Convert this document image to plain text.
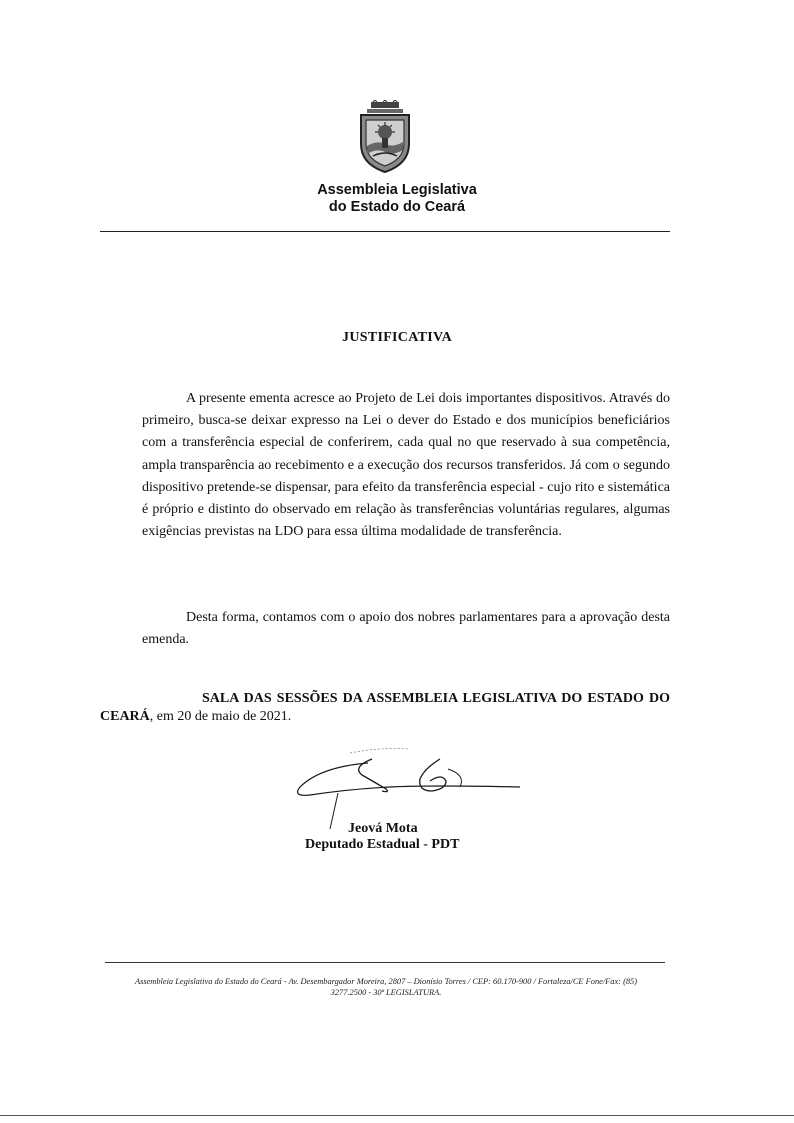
Assembleia Legislativa
do Estado do Ceará
JUSTIFICATIVA
A presente ementa acresce ao Projeto de Lei dois importantes dispositivos. Através do primeiro, busca-se deixar expresso na Lei o dever do Estado e dos municípios beneficiários com a transferência especial de conferirem, cada qual no que reservado à sua competência, ampla transparência ao recebimento e a execução dos recursos transferidos. Já com o segundo dispositivo pretende-se dispensar, para efeito da transferência especial - cujo rito e sistemática é próprio e distinto do observado em relação às transferências voluntárias regulares, algumas exigências previstas na LDO para essa última modalidade de transferência.
Desta forma, contamos com o apoio dos nobres parlamentares para a aprovação desta emenda.
SALA DAS SESSÕES DA ASSEMBLEIA LEGISLATIVA DO ESTADO DO CEARÁ, em 20 de maio de 2021.
Jeová Mota
Deputado Estadual - PDT
Assembleia Legislativa do Estado do Ceará - Av. Desembargador Moreira, 2807 – Dionísio Torres / CEP: 60.170-900 / Fortaleza/CE Fone/Fax: (85)
3277.2500 - 30ª LEGISLATURA.
